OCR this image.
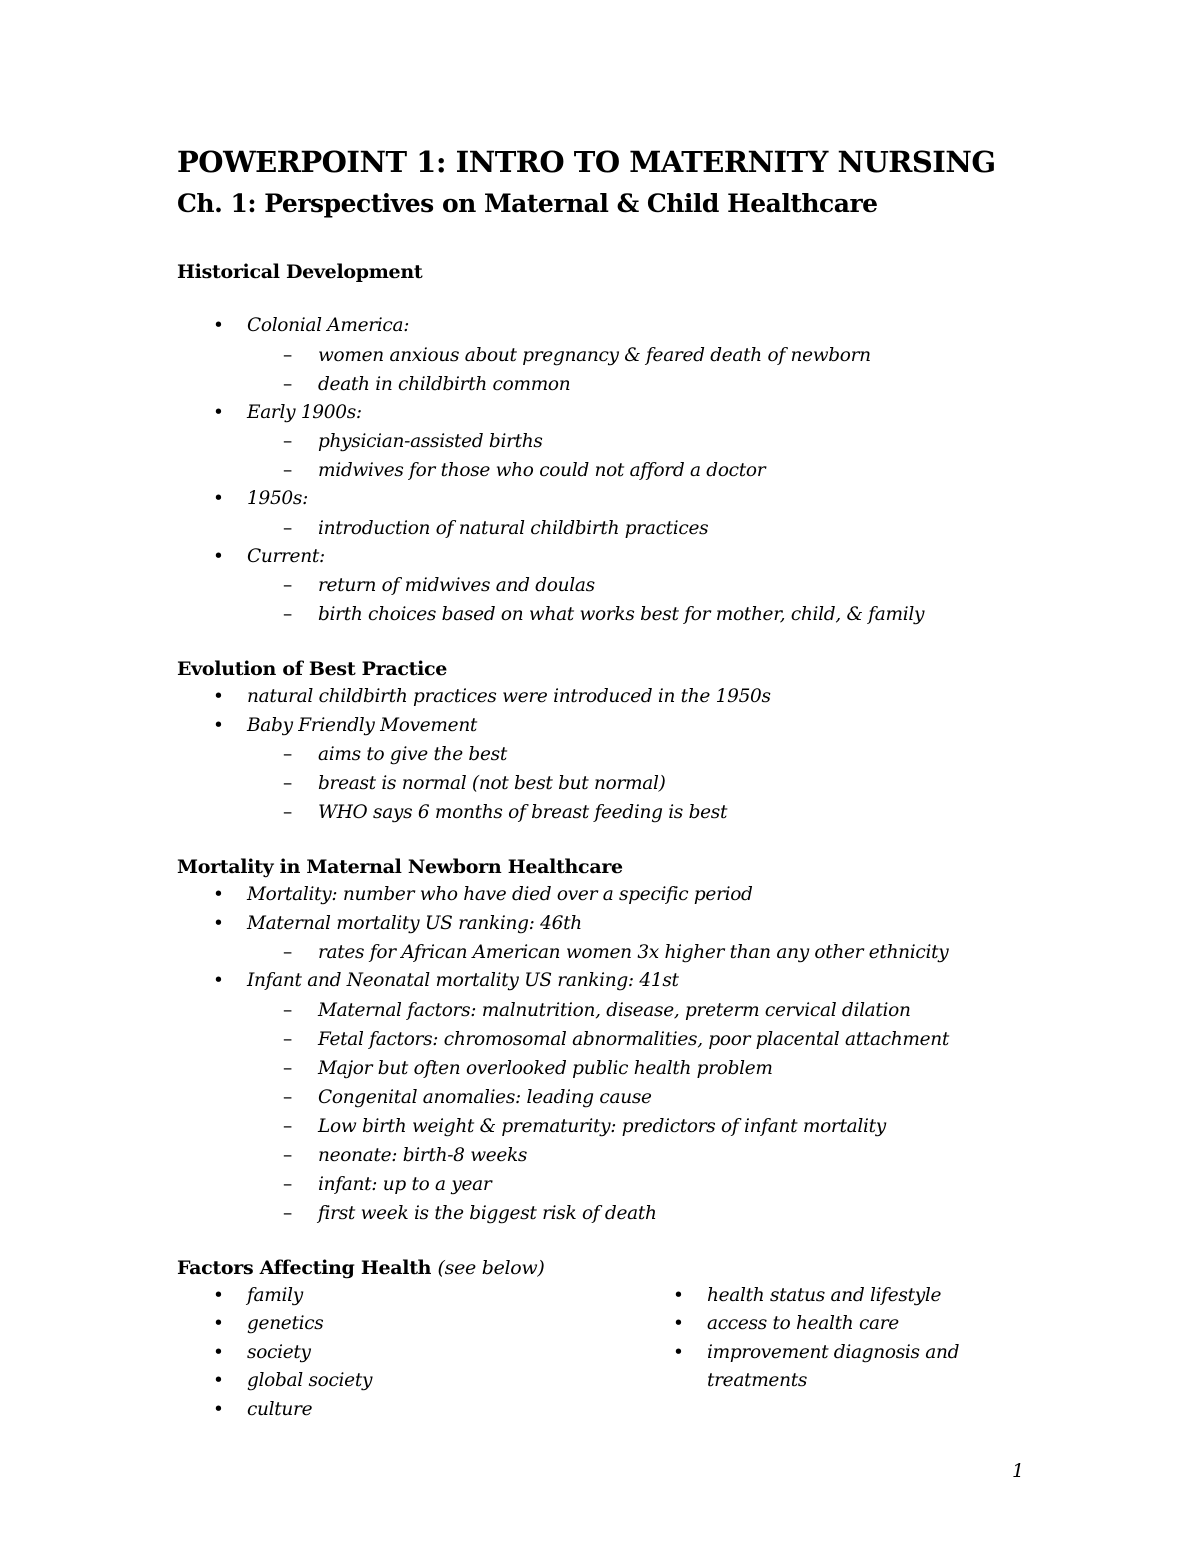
POWERPOINT 1: INTRO TO MATERNITY NURSING
Ch. 1: Perspectives on Maternal & Child Healthcare
Historical Development
• Colonial America:
– women anxious about pregnancy & feared death of newborn
– death in childbirth common
• Early 1900s:
– physician-assisted births
– midwives for those who could not afford a doctor
• 1950s:
– introduction of natural childbirth practices
• Current:
– return of midwives and doulas
– birth choices based on what works best for mother, child, & family
Evolution of Best Practice
• natural childbirth practices were introduced in the 1950s
• Baby Friendly Movement
– aims to give the best
– breast is normal (not best but normal)
– WHO says 6 months of breast feeding is best
Mortality in Maternal Newborn Healthcare
• Mortality: number who have died over a specific period
• Maternal mortality US ranking: 46th
– rates for African American women 3x higher than any other ethnicity
• Infant and Neonatal mortality US ranking: 41st
– Maternal factors: malnutrition, disease, preterm cervical dilation
– Fetal factors: chromosomal abnormalities, poor placental attachment
– Major but often overlooked public health problem
– Congenital anomalies: leading cause
– Low birth weight & prematurity: predictors of infant mortality
– neonate: birth-8 weeks
– infant: up to a year
– first week is the biggest risk of death
Factors Affecting Health (see below)
• family
• genetics
• society
• global society
• culture
• health status and lifestyle
• access to health care
• improvement diagnosis and treatments
1
